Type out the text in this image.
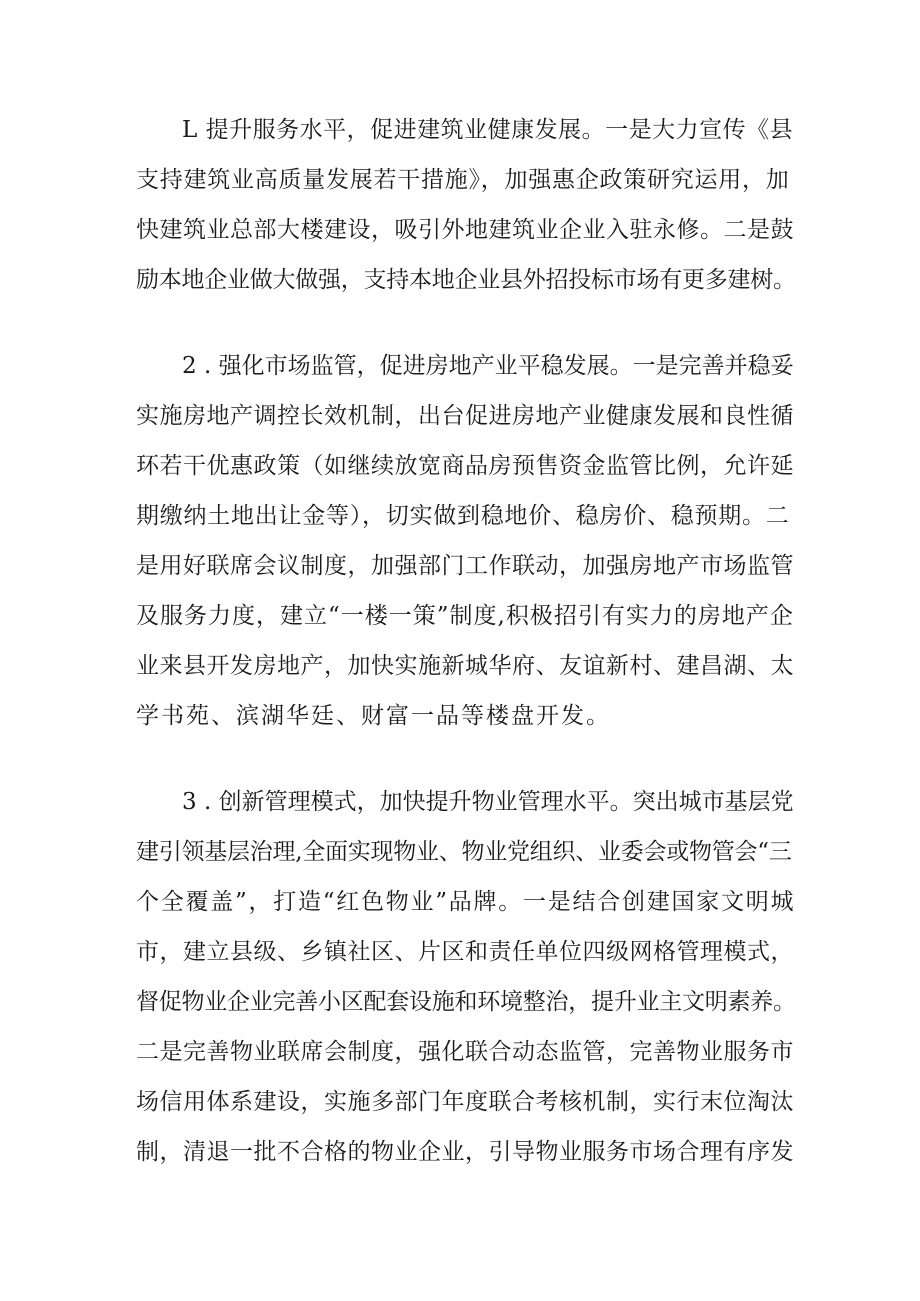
L 提升服务水平，促进建筑业健康发展。一是大力宣传《县
支持建筑业高质量发展若干措施》，加强惠企政策研究运用，加
快建筑业总部大楼建设，吸引外地建筑业企业入驻永修。二是鼓
励本地企业做大做强，支持本地企业县外招投标市场有更多建树。
2 . 强化市场监管，促进房地产业平稳发展。一是完善并稳妥
实施房地产调控长效机制，出台促进房地产业健康发展和良性循
环若干优惠政策（如继续放宽商品房预售资金监管比例，允许延
期缴纳土地出让金等），切实做到稳地价、稳房价、稳预期。二
是用好联席会议制度，加强部门工作联动，加强房地产市场监管
及服务力度，建立“一楼一策”制度,积极招引有实力的房地产企
业来县开发房地产，加快实施新城华府、友谊新村、建昌湖、太
学书苑、滨湖华廷、财富一品等楼盘开发。
3 . 创新管理模式，加快提升物业管理水平。突出城市基层党
建引领基层治理,全面实现物业、物业党组织、业委会或物管会“三
个全覆盖”，打造“红色物业”品牌。一是结合创建国家文明城
市，建立县级、乡镇社区、片区和责任单位四级网格管理模式，
督促物业企业完善小区配套设施和环境整治，提升业主文明素养。
二是完善物业联席会制度，强化联合动态监管，完善物业服务市
场信用体系建设，实施多部门年度联合考核机制，实行末位淘汰
制，清退一批不合格的物业企业，引导物业服务市场合理有序发
